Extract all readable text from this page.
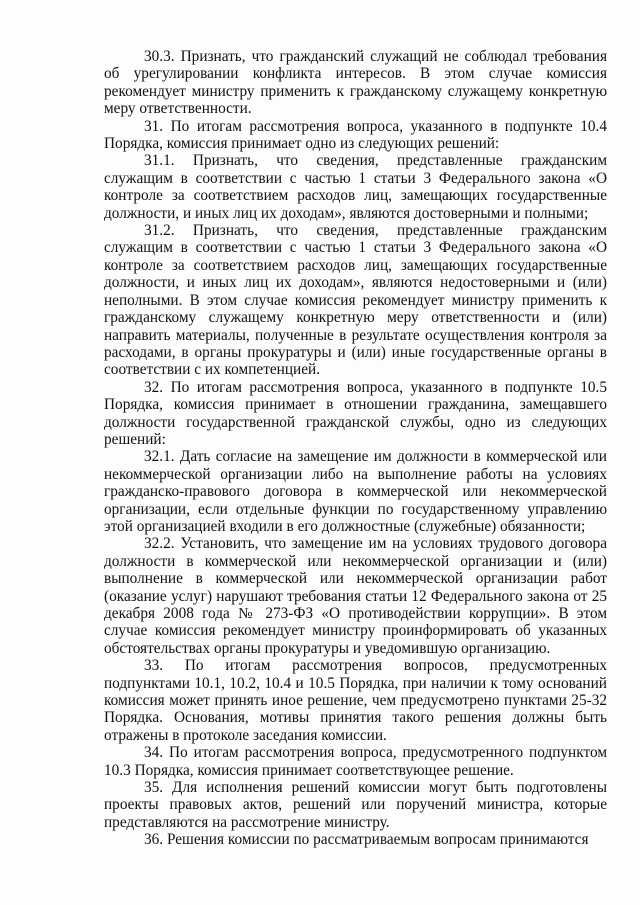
30.3. Признать, что гражданский служащий не соблюдал требования об урегулировании конфликта интересов. В этом случае комиссия рекомендует министру применить к гражданскому служащему конкретную меру ответственности.

31. По итогам рассмотрения вопроса, указанного в подпункте 10.4 Порядка, комиссия принимает одно из следующих решений:

31.1. Признать, что сведения, представленные гражданским служащим в соответствии с частью 1 статьи 3 Федерального закона «О контроле за соответствием расходов лиц, замещающих государственные должности, и иных лиц их доходам», являются достоверными и полными;

31.2. Признать, что сведения, представленные гражданским служащим в соответствии с частью 1 статьи 3 Федерального закона «О контроле за соответствием расходов лиц, замещающих государственные должности, и иных лиц их доходам», являются недостоверными и (или) неполными. В этом случае комиссия рекомендует министру применить к гражданскому служащему конкретную меру ответственности и (или) направить материалы, полученные в результате осуществления контроля за расходами, в органы прокуратуры и (или) иные государственные органы в соответствии с их компетенцией.

32. По итогам рассмотрения вопроса, указанного в подпункте 10.5 Порядка, комиссия принимает в отношении гражданина, замещавшего должности государственной гражданской службы, одно из следующих решений:

32.1. Дать согласие на замещение им должности в коммерческой или некоммерческой организации либо на выполнение работы на условиях гражданско-правового договора в коммерческой или некоммерческой организации, если отдельные функции по государственному управлению этой организацией входили в его должностные (служебные) обязанности;

32.2. Установить, что замещение им на условиях трудового договора должности в коммерческой или некоммерческой организации и (или) выполнение в коммерческой или некоммерческой организации работ (оказание услуг) нарушают требования статьи 12 Федерального закона от 25 декабря 2008 года № 273-ФЗ «О противодействии коррупции». В этом случае комиссия рекомендует министру проинформировать об указанных обстоятельствах органы прокуратуры и уведомившую организацию.

33. По итогам рассмотрения вопросов, предусмотренных подпунктами 10.1, 10.2, 10.4 и 10.5 Порядка, при наличии к тому оснований комиссия может принять иное решение, чем предусмотрено пунктами 25-32 Порядка. Основания, мотивы принятия такого решения должны быть отражены в протоколе заседания комиссии.

34. По итогам рассмотрения вопроса, предусмотренного подпунктом 10.3 Порядка, комиссия принимает соответствующее решение.

35. Для исполнения решений комиссии могут быть подготовлены проекты правовых актов, решений или поручений министра, которые представляются на рассмотрение министру.

36. Решения комиссии по рассматриваемым вопросам принимаются
